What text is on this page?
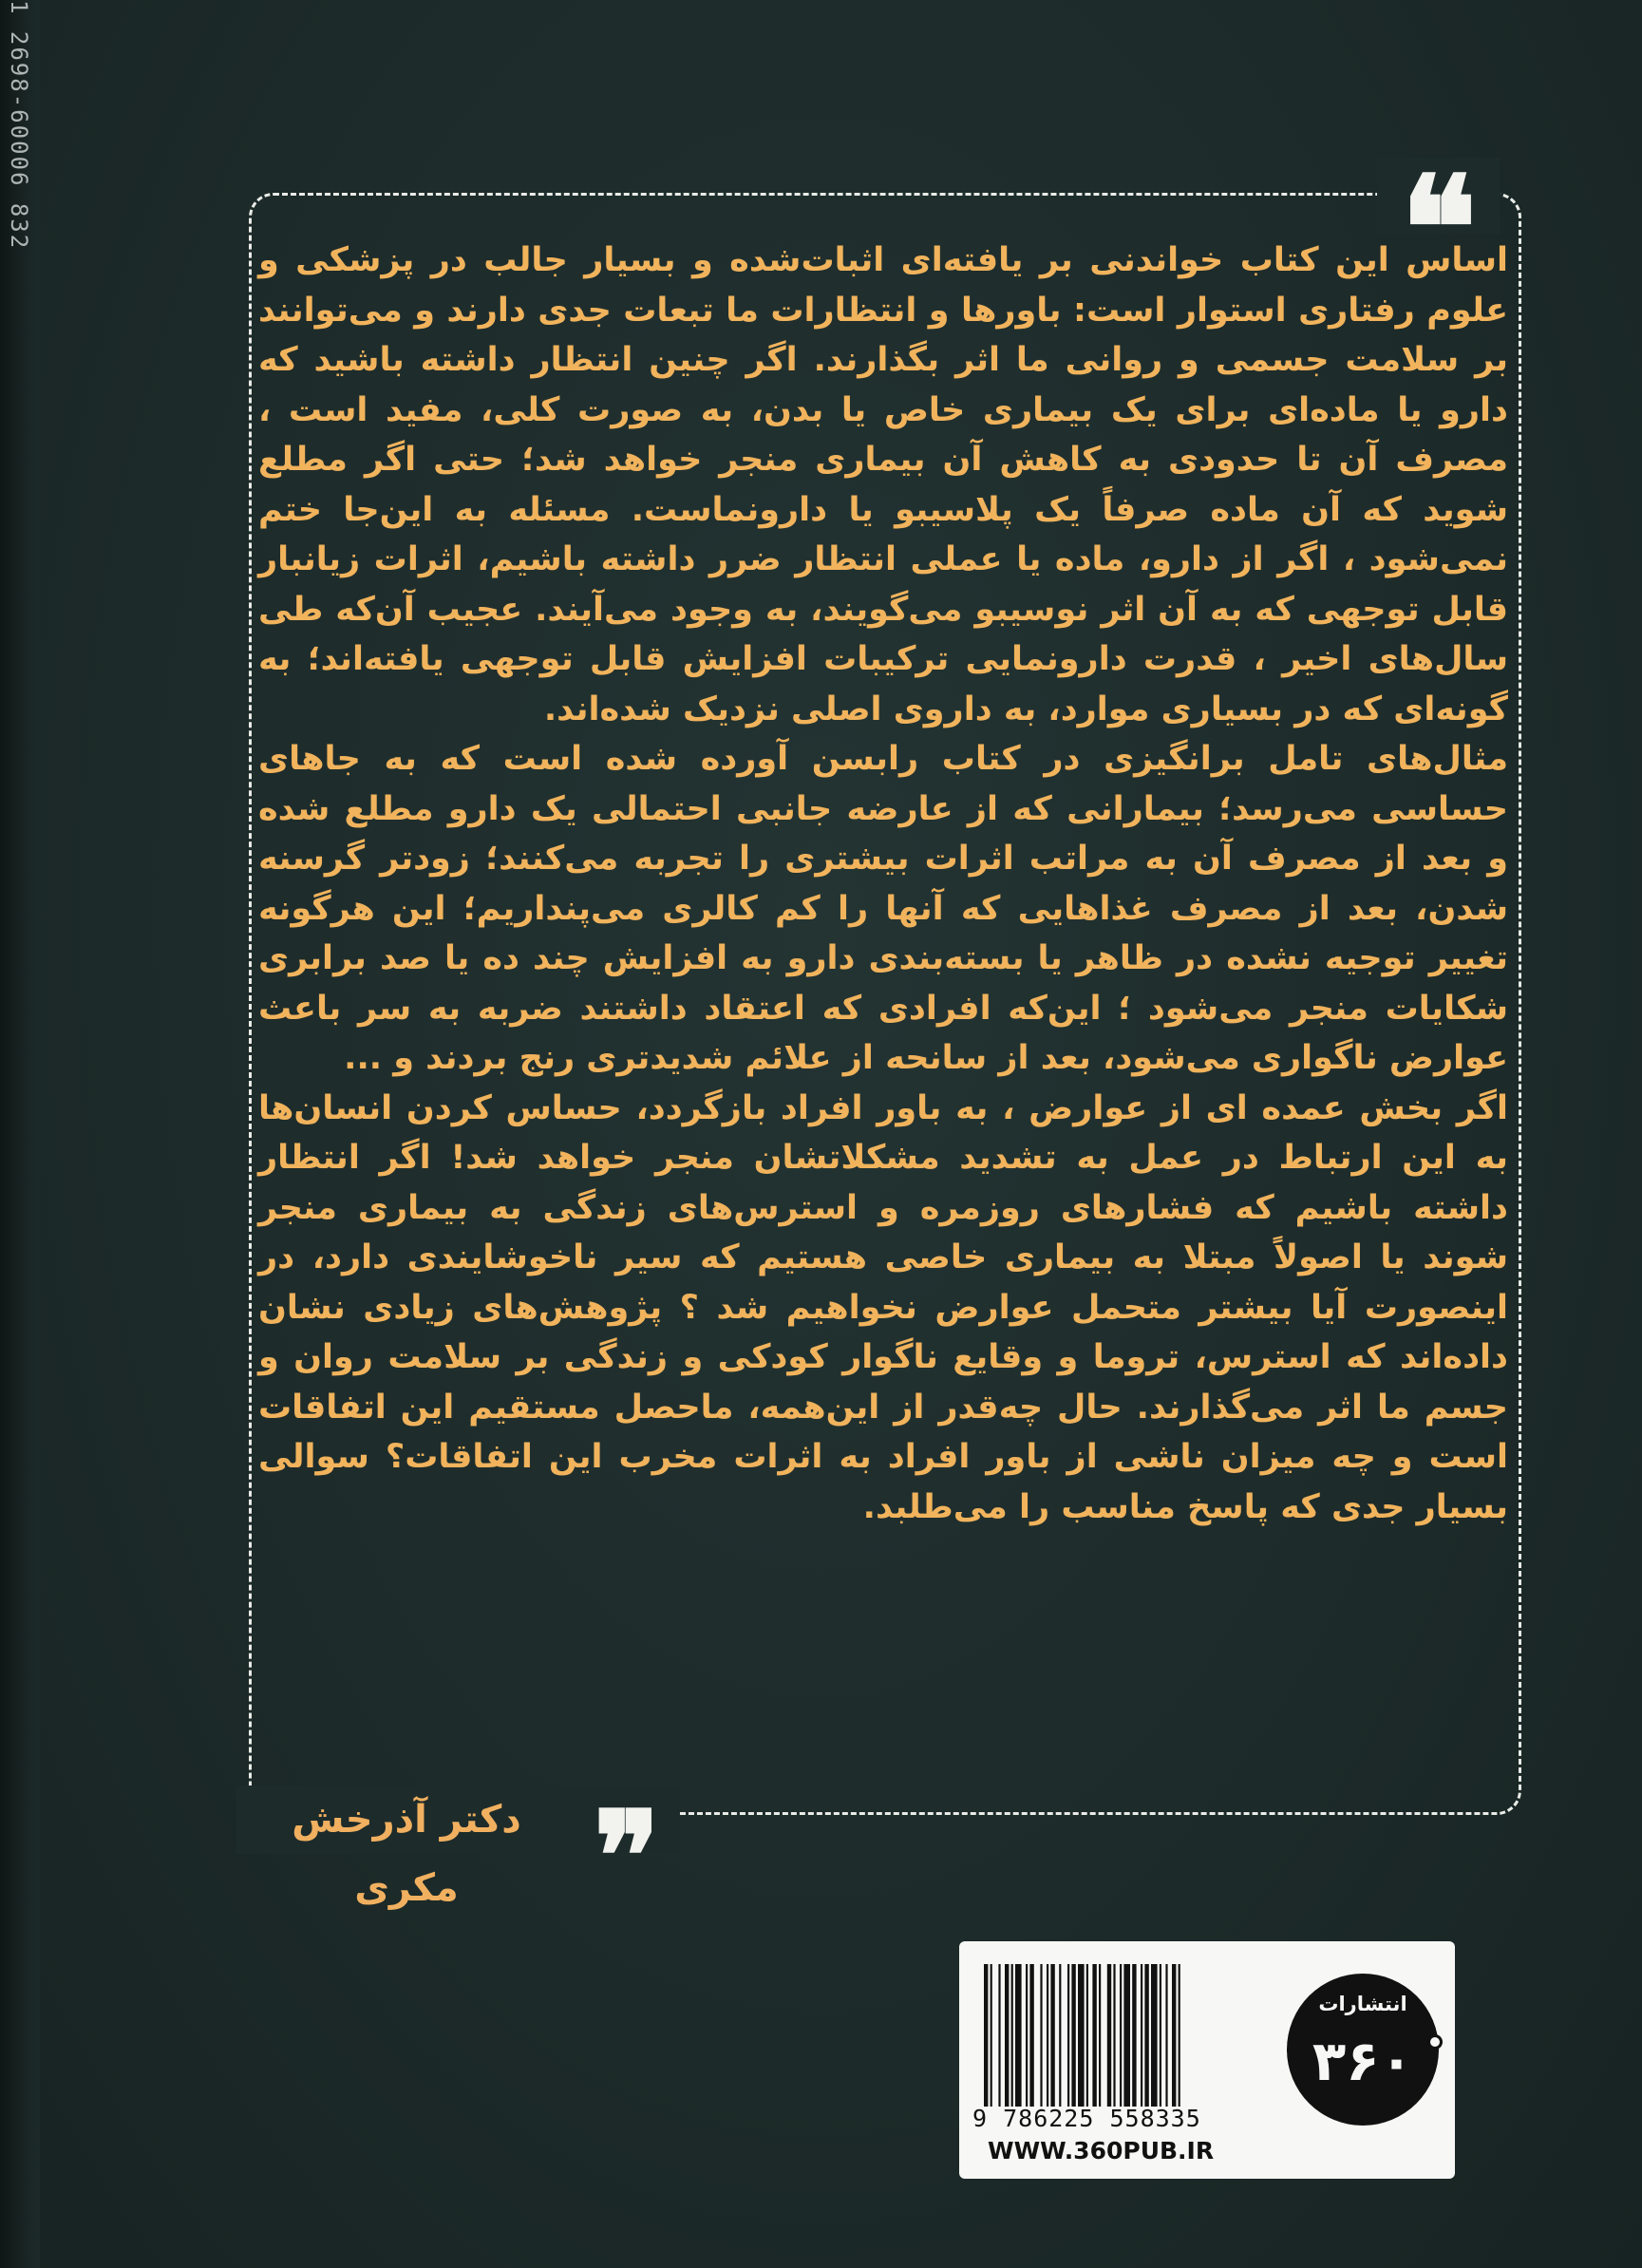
1 2698-60006 832	❝

اساس این کتاب خواندنی بر یافته‌ای اثبات‌شده و بسیار جالب در پزشکی و علوم رفتاری استوار است: باورها و انتظارات ما تبعات جدی دارند و می‌توانند بر سلامت جسمی و روانی ما اثر بگذارند. اگر چنین انتظار داشته باشید که دارو یا ماده‌ای برای یک بیماری خاص یا بدن، به صورت کلی، مفید است ، مصرف آن تا حدودی به کاهش آن بیماری منجر خواهد شد؛ حتی اگر مطلع شوید که آن ماده صرفاً یک پلاسیبو یا دارونماست. مسئله به این‌جا ختم نمی‌شود ، اگر از دارو، ماده یا عملی انتظار ضرر داشته باشیم، اثرات زیانبار قابل توجهی که به آن اثر نوسیبو می‌گویند، به وجود می‌آیند. عجیب آن‌که طی سال‌های اخیر ، قدرت دارونمایی ترکیبات افزایش قابل توجهی یافته‌اند؛ به گونه‌ای که در بسیاری موارد، به داروی اصلی نزدیک شده‌اند.

مثال‌های تامل برانگیزی در کتاب رابسن آورده شده است که به جاهای حساسی می‌رسد؛ بیمارانی که از عارضه جانبی احتمالی یک دارو مطلع شده و بعد از مصرف آن به مراتب اثرات بیشتری را تجربه می‌کنند؛ زودتر گرسنه شدن، بعد از مصرف غذاهایی که آنها را کم کالری می‌پنداریم؛ این هرگونه تغییر توجیه نشده در ظاهر یا بسته‌بندی دارو به افزایش چند ده یا صد برابری شکایات منجر می‌شود ؛ این‌که افرادی که اعتقاد داشتند ضربه به سر باعث عوارض ناگواری می‌شود، بعد از سانحه از علائم شدیدتری رنج بردند و ...

اگر بخش عمده ای از عوارض ، به باور افراد بازگردد، حساس کردن انسان‌ها به این ارتباط در عمل به تشدید مشکلاتشان منجر خواهد شد! اگر انتظار داشته باشیم که فشارهای روزمره و استرس‌های زندگی به بیماری منجر شوند یا اصولاً مبتلا به بیماری خاصی هستیم که سیر ناخوشایندی دارد، در اینصورت آیا بیشتر متحمل عوارض نخواهیم شد ؟ پژوهش‌های زیادی نشان داده‌اند که استرس، تروما و وقایع ناگوار کودکی و زندگی بر سلامت روان و جسم ما اثر می‌گذارند. حال چه‌قدر از این‌همه، ماحصل مستقیم این اتفاقات است و چه میزان ناشی از باور افراد به اثرات مخرب این اتفاقات؟ سوالی بسیار جدی که پاسخ مناسب را می‌طلبد.

❞
دکتر آذرخش مکری
9 786225 558335
WWW.360PUB.IR
انتشارات
۳۶۰
